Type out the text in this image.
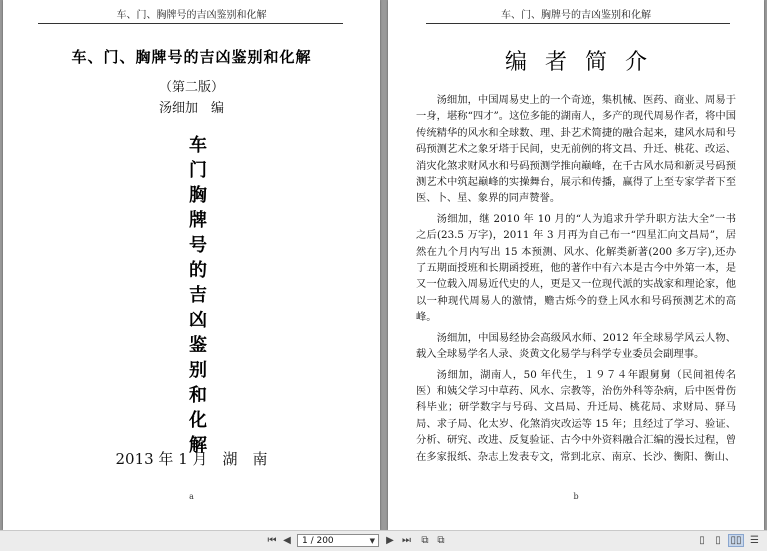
车、门、胸牌号的吉凶鉴别和化解
车、门、胸牌号的吉凶鉴别和化解
（第二版）
汤细加　编
车
门
胸
牌
号
的
吉
凶
鉴
别
和
化
解
2013 年 1 月　湖　南
a
车、门、胸牌号的吉凶鉴别和化解
编者简介

汤细加，中国周易史上的一个奇迹，集机械、医药、商业、周易于一身，堪称“四才”。这位多能的湖南人，多产的现代周易作者，将中国传统精华的风水和全球数、理、卦艺术简捷的融合起来，建风水局和号码预测艺术之象牙塔于民间，史无前例的将文昌、升迁、桃花、改运、消灾化煞求财风水和号码预测学推向巅峰，在千古风水局和新灵号码预测艺术中筑起巅峰的实操舞台，展示和传播，赢得了上至专家学者下至医、卜、星、象界的同声赞誉。

汤细加，继 2010 年 10 月的“人为追求升学升职方法大全”一书之后(23.5 万字)，2011 年 3 月再为自己布一“四星汇向文昌局”，居然在九个月内写出 15 本预测、风水、化解类新著(200 多万字),还办了五期面授班和长期函授班，他的著作中有六本是古今中外第一本，是又一位载入周易近代史的人，更是又一位现代派的实战家和理论家，他以一种现代周易人的激情，赡古烁今的登上风水和号码预测艺术的高峰。

汤细加，中国易经协会高级风水师、2012 年全球易学风云人物、载入全球易学名人录、炎黄文化易学与科学专业委员会副理事。

汤细加，湖南人，50 年代生，１９７４年跟舅舅（民间祖传名医）和姨父学习中草药、风水、宗教等，治伤外科等杂病，后中医骨伤科毕业；研学数字与号码、文昌局、升迁局、桃花局、求财局、驿马局、求子局、化太岁、化煞消灾改运等 15 年；且经过了学习、验证、分析、研究、改进、反复验证、古今中外资料融合汇编的漫长过程，曾在多家报纸、杂志上发表专文，常到北京、南京、长沙、衡阳、衡山、

b
⏮ ◀ 1 / 200	▼ ▶ ⏭ ⧉ ⧉	▯	▯ ▯▯ ☰
